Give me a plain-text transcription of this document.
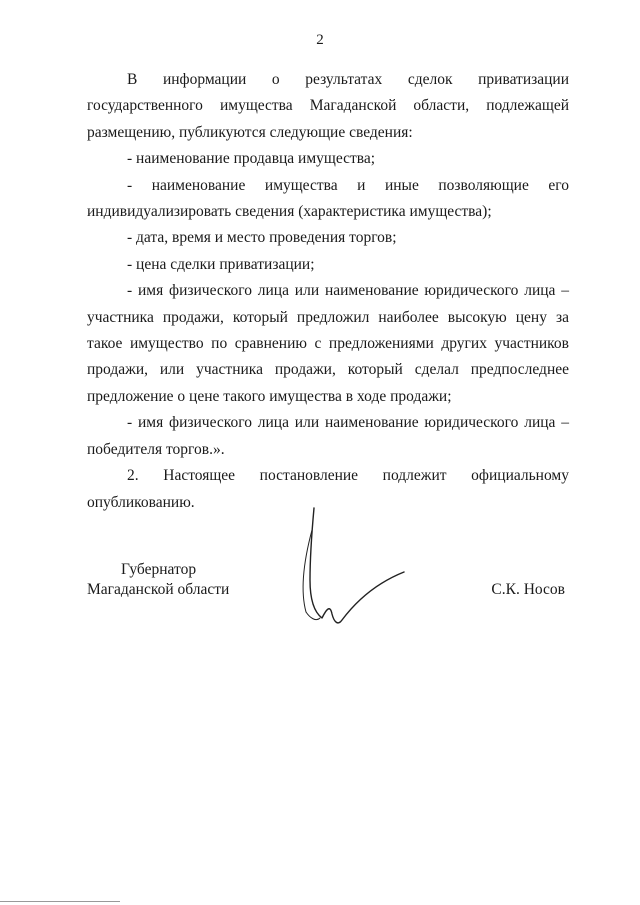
2

В информации о результатах сделок приватизации государственного имущества Магаданской области, подлежащей размещению, публикуются следующие сведения:

- наименование продавца имущества;

- наименование имущества и иные позволяющие его индивидуализировать сведения (характеристика имущества);

- дата, время и место проведения торгов;

- цена сделки приватизации;

- имя физического лица или наименование юридического лица – участника продажи, который предложил наиболее высокую цену за такое имущество по сравнению с предложениями других участников продажи, или участника продажи, который сделал предпоследнее предложение о цене такого имущества в ходе продажи;

- имя физического лица или наименование юридического лица – победителя торгов.».

2. Настоящее постановление подлежит официальному опубликованию.

Губернатор
Магаданской области	С.К. Носов
